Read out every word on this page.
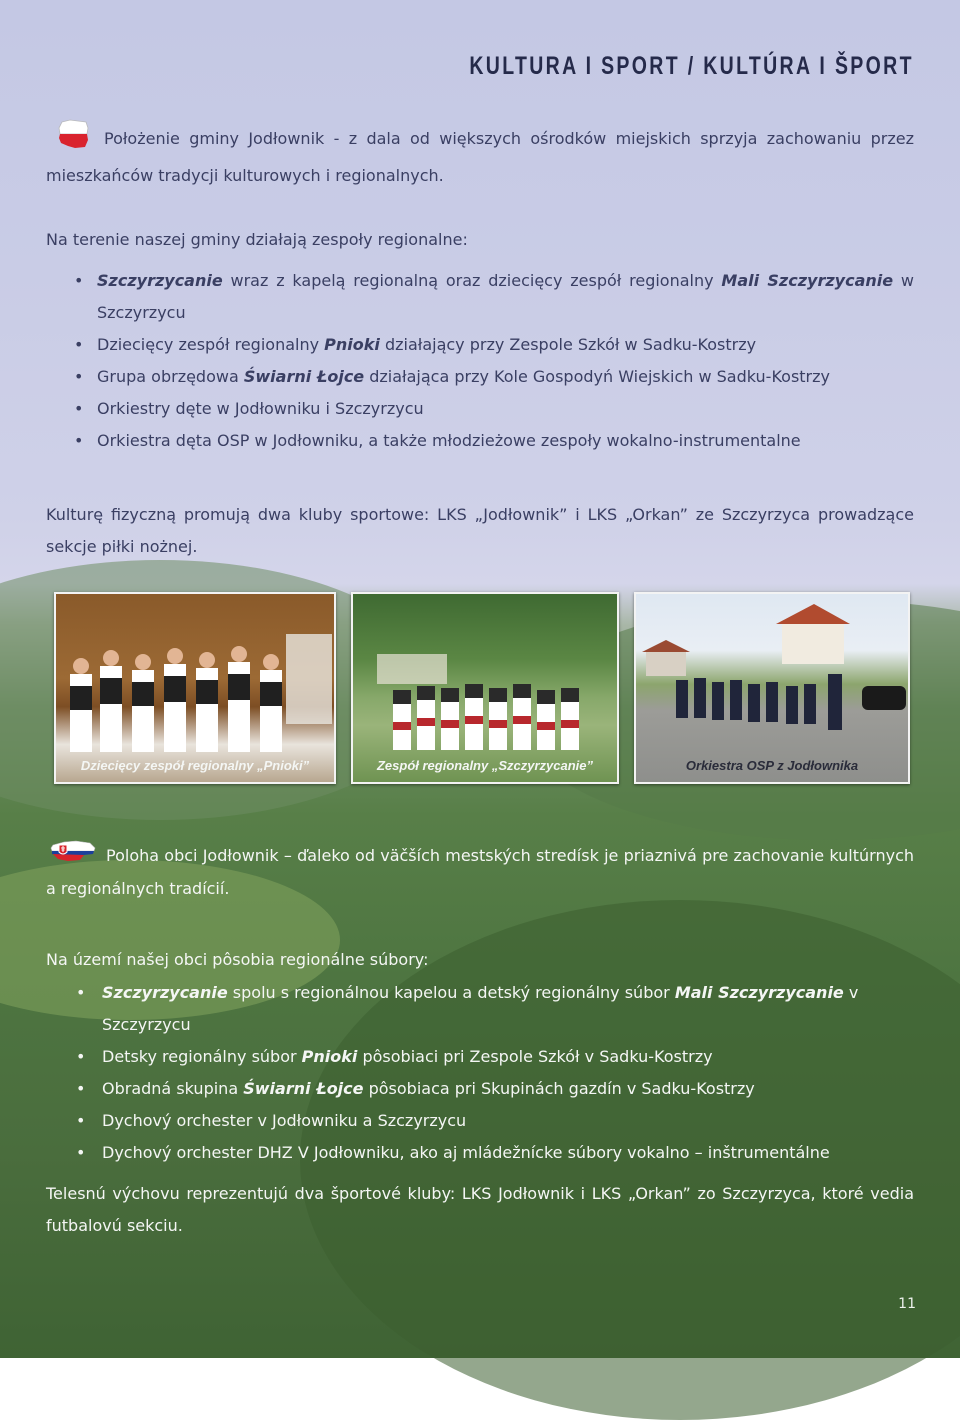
KULTURA I SPORT / KULTÚRA I ŠPORT

Położenie gminy Jodłownik - z dala od większych ośrodków miejskich sprzyja zachowaniu przez mieszkańców tradycji kulturowych i regionalnych.

Na terenie naszej gminy działają zespoły regionalne:

• Szczyrzycanie wraz z kapelą regionalną oraz dziecięcy zespół regionalny Mali Szczyrzycanie w Szczyrzycu
• Dziecięcy zespół regionalny Pnioki działający przy Zespole Szkół w Sadku-Kostrzy
• Grupa obrzędowa Świarni Łojce działająca przy Kole Gospodyń Wiejskich w Sadku-Kostrzy
• Orkiestry dęte w Jodłowniku i Szczyrzycu
• Orkiestra dęta OSP w Jodłowniku, a także młodzieżowe zespoły wokalno-instrumentalne

Kulturę fizyczną promują dwa kluby sportowe: LKS „Jodłownik” i LKS „Orkan” ze Szczyrzyca prowadzące sekcje piłki nożnej.

Dziecięcy zespół regionalny „Pnioki”	Zespół regionalny „Szczyrzycanie”	Orkiestra OSP z Jodłownika

Poloha obci Jodłownik – ďaleko od väčších mestských stredísk je priaznivá pre zachovanie kultúrnych a regionálnych tradícií.

Na území našej obci pôsobia regionálne súbory:

• Szczyrzycanie spolu s regionálnou kapelou a detský regionálny súbor Mali Szczyrzycanie v Szczyrzycu
• Detsky regionálny súbor Pnioki pôsobiaci pri Zespole Szkół v Sadku-Kostrzy
• Obradná skupina Świarni Łojce pôsobiaca pri Skupinách gazdín v Sadku-Kostrzy
• Dychový orchester v Jodłowniku a Szczyrzycu
• Dychový orchester DHZ V Jodłowniku, ako aj mládežnícke súbory vokalno – inštrumentálne

Telesnú výchovu reprezentujú dva športové kluby: LKS Jodłownik i LKS „Orkan” zo Szczyrzyca, ktoré vedia futbalovú sekciu.

11
